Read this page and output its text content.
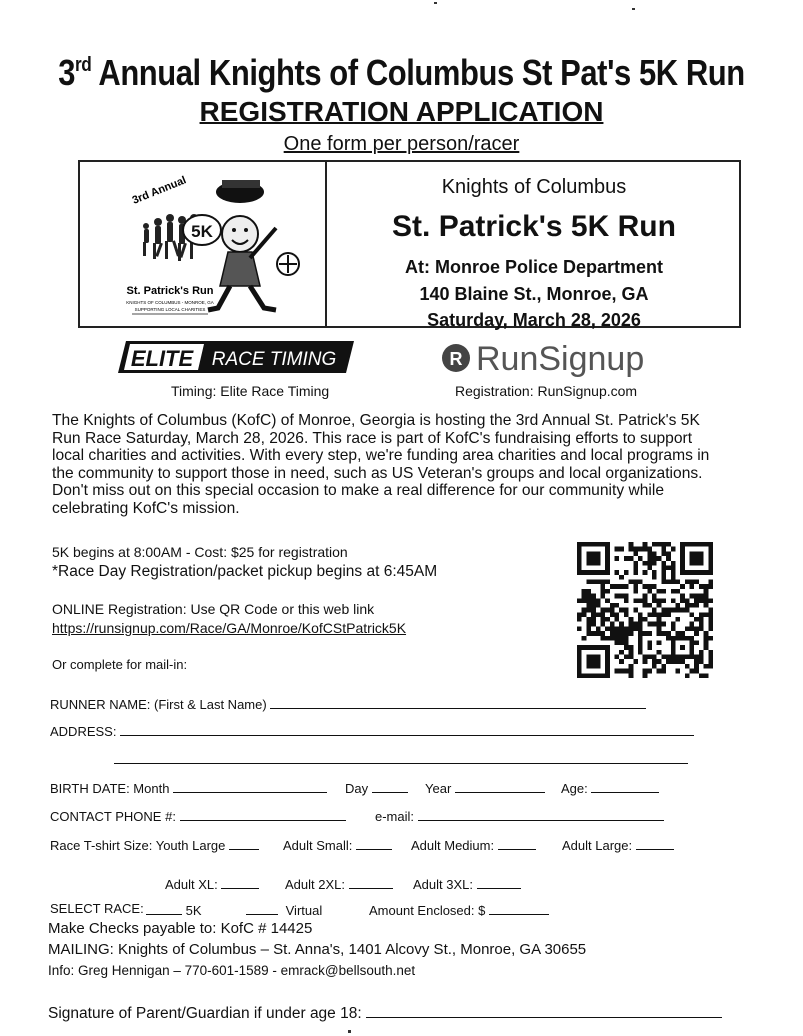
3rd Annual Knights of Columbus St Pat's 5K Run
REGISTRATION APPLICATION
One form per person/racer
3rd Annual
5K
St. Patrick's Run
KNIGHTS OF COLUMBUS - MONROE, GA
SUPPORTING LOCAL CHARITIES
Knights of Columbus
St. Patrick's 5K Run
At: Monroe Police Department
140 Blaine St., Monroe, GA
Saturday, March 28, 2026
ELITE RACE TIMING	R RunSignup
Timing: Elite Race Timing	Registration: RunSignup.com
The Knights of Columbus (KofC) of Monroe, Georgia is hosting the 3rd Annual St. Patrick's 5K
Run Race Saturday, March 28, 2026. This race is part of KofC's fundraising efforts to support
local charities and activities. With every step, we're funding area charities and local programs in
the community to support those in need, such as US Veteran's groups and local organizations.
Don't miss out on this special occasion to make a real difference for our community while
celebrating KofC's mission.
5K begins at 8:00AM - Cost: $25 for registration
*Race Day Registration/packet pickup begins at 6:45AM
ONLINE Registration: Use QR Code or this web link
https://runsignup.com/Race/GA/Monroe/KofCStPatrick5K
Or complete for mail-in:
RUNNER NAME: (First & Last Name)
ADDRESS:
BIRTH DATE: Month	Day	Year	Age:
CONTACT PHONE #:	e-mail:
Race T-shirt Size: Youth Large	Adult Small:	Adult Medium:	Adult Large:
Adult XL:	Adult 2XL:	Adult 3XL:
SELECT RACE:	5K	Virtual	Amount Enclosed: $
Make Checks payable to: KofC # 14425
MAILING: Knights of Columbus – St. Anna's, 1401 Alcovy St., Monroe, GA 30655
Info: Greg Hennigan – 770-601-1589 - emrack@bellsouth.net
Signature of Parent/Guardian if under age 18:
